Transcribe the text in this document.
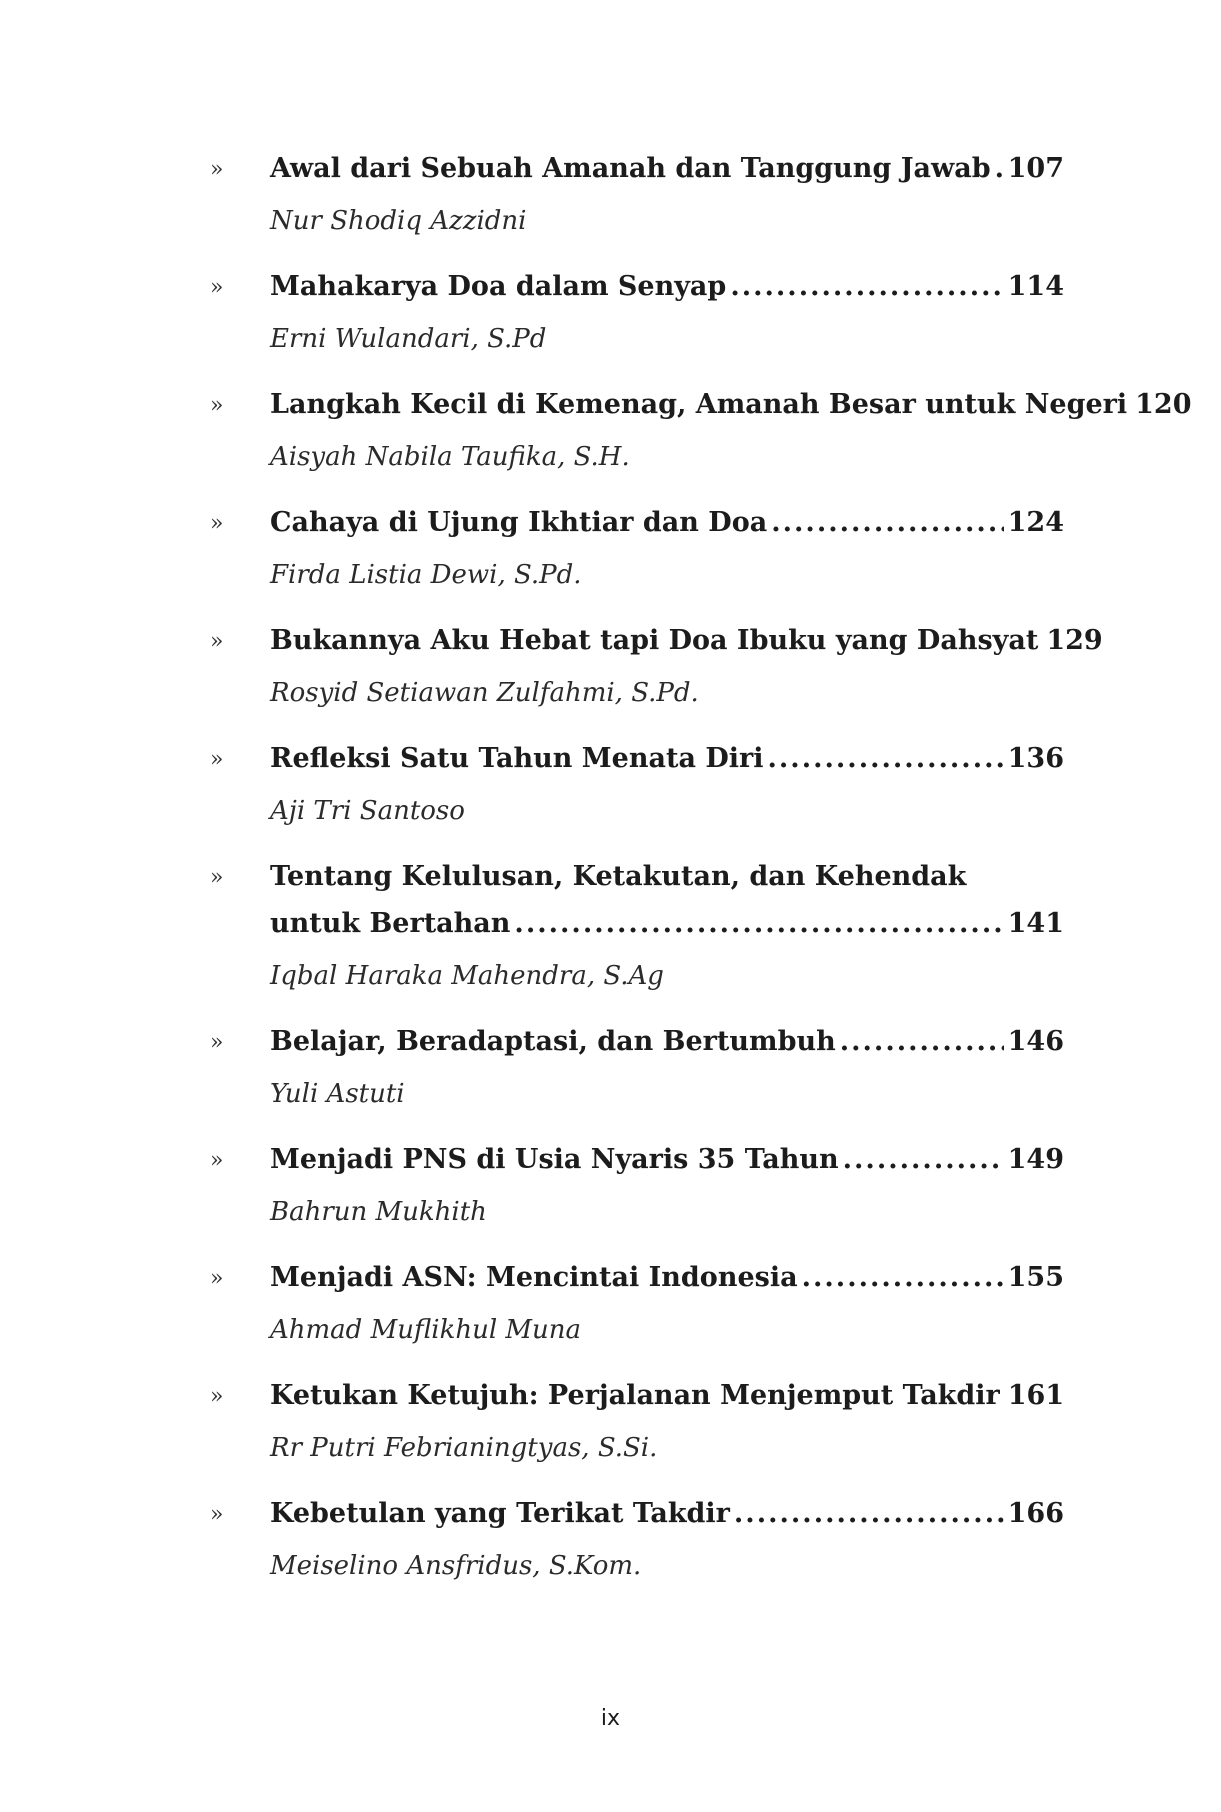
» Awal dari Sebuah Amanah dan Tanggung Jawab ..... 107
Nur Shodiq Azzidni
» Mahakarya Doa dalam Senyap .....	114
Erni Wulandari, S.Pd
» Langkah Kecil di Kemenag, Amanah Besar untuk Negeri 120
Aisyah Nabila Taufika, S.H.
» Cahaya di Ujung Ikhtiar dan Doa .....	124
Firda Listia Dewi, S.Pd.
» Bukannya Aku Hebat tapi Doa Ibuku yang Dahsyat 129
Rosyid Setiawan Zulfahmi, S.Pd.
» Refleksi Satu Tahun Menata Diri .....	136
Aji Tri Santoso
» Tentang Kelulusan, Ketakutan, dan Kehendak
untuk Bertahan .....	141
Iqbal Haraka Mahendra, S.Ag
» Belajar, Beradaptasi, dan Bertumbuh .....	146
Yuli Astuti
» Menjadi PNS di Usia Nyaris 35 Tahun .....	149
Bahrun Mukhith
» Menjadi ASN: Mencintai Indonesia .....	155
Ahmad Muflikhul Muna
» Ketukan Ketujuh: Perjalanan Menjemput Takdir 161
Rr Putri Febrianingtyas, S.Si.
» Kebetulan yang Terikat Takdir .....	166
Meiselino Ansfridus, S.Kom.
ix
